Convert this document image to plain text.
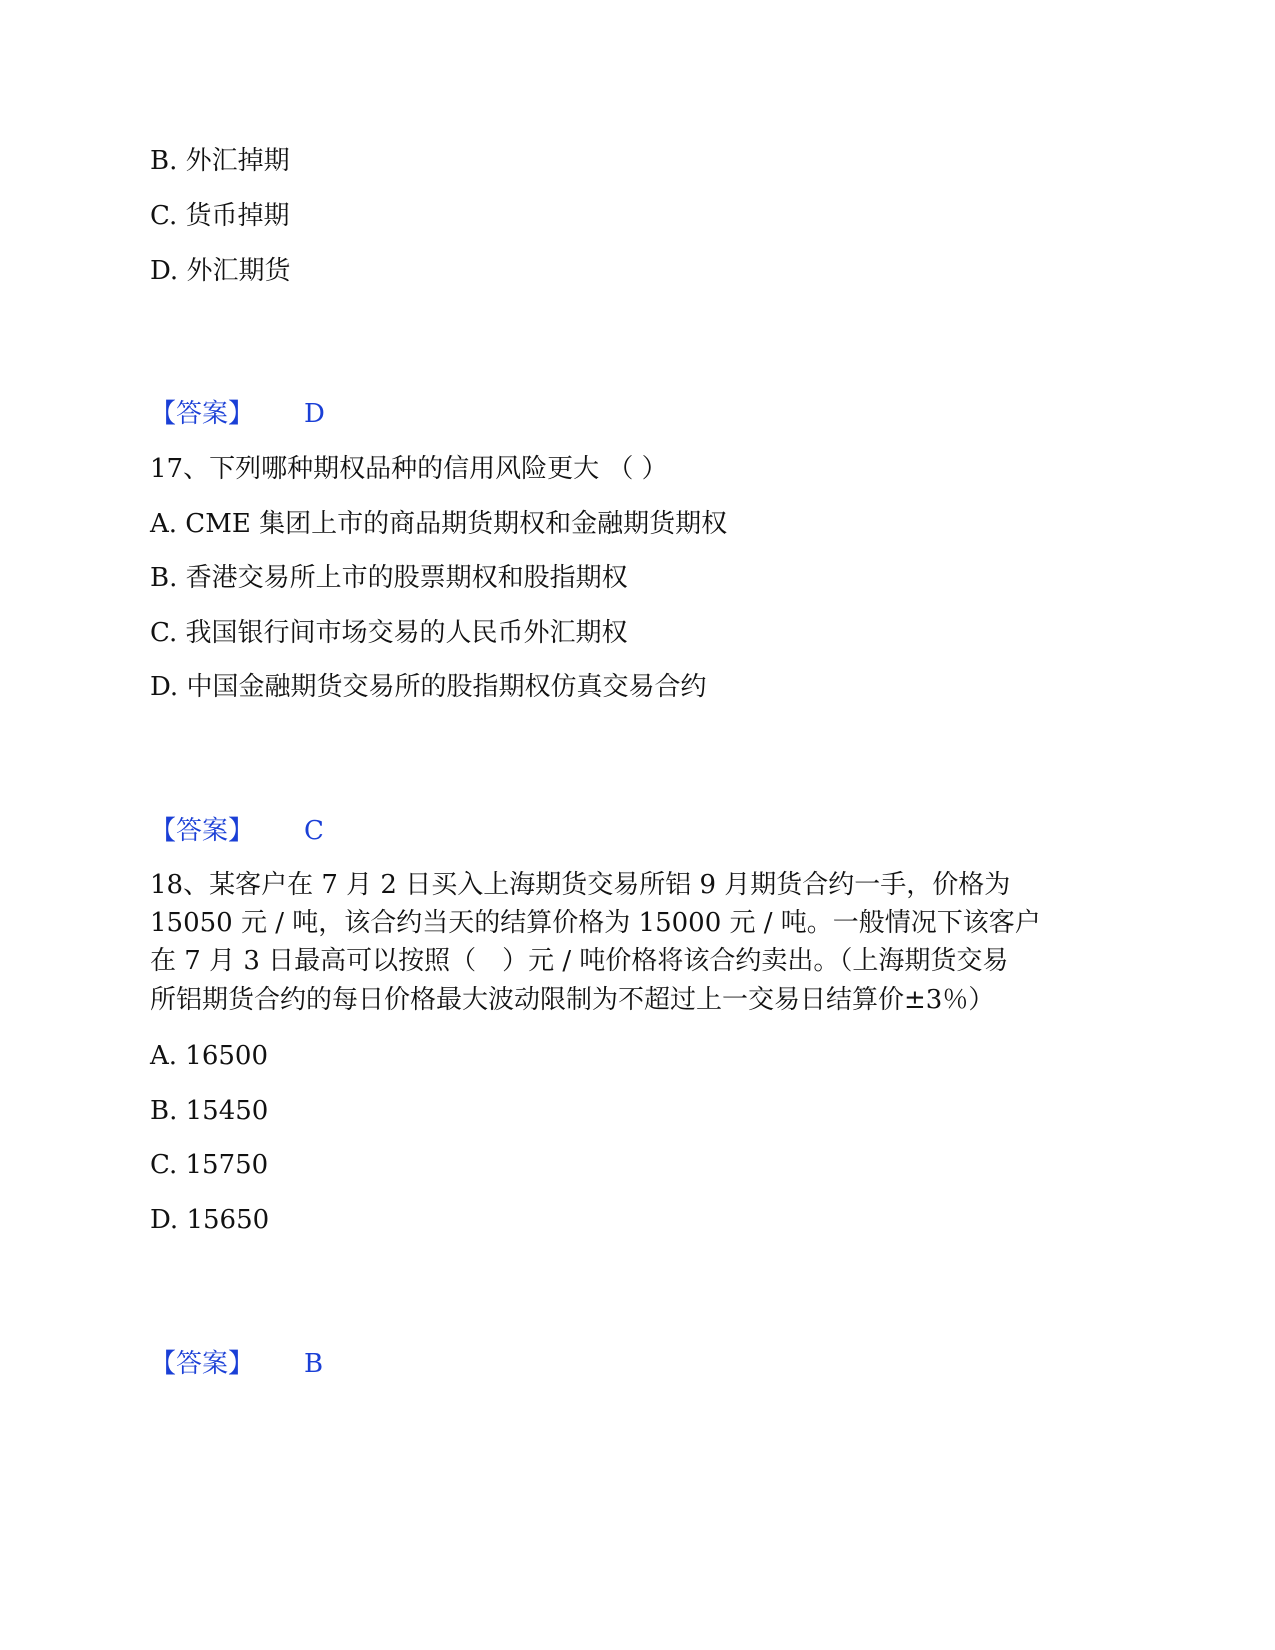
B. 外汇掉期
C. 货币掉期
D. 外汇期货
【答案】 D
17、下列哪种期权品种的信用风险更大 （ ）
A. CME 集团上市的商品期货期权和金融期货期权
B. 香港交易所上市的股票期权和股指期权
C. 我国银行间市场交易的人民币外汇期权
D. 中国金融期货交易所的股指期权仿真交易合约
【答案】 C
18、某客户在 7 月 2 日买入上海期货交易所铝 9 月期货合约一手，价格为
15050 元 / 吨，该合约当天的结算价格为 15000 元 / 吨。一般情况下该客户
在 7 月 3 日最高可以按照（　）元 / 吨价格将该合约卖出。（上海期货交易
所铝期货合约的每日价格最大波动限制为不超过上一交易日结算价±3％）
A. 16500
B. 15450
C. 15750
D. 15650
【答案】 B
